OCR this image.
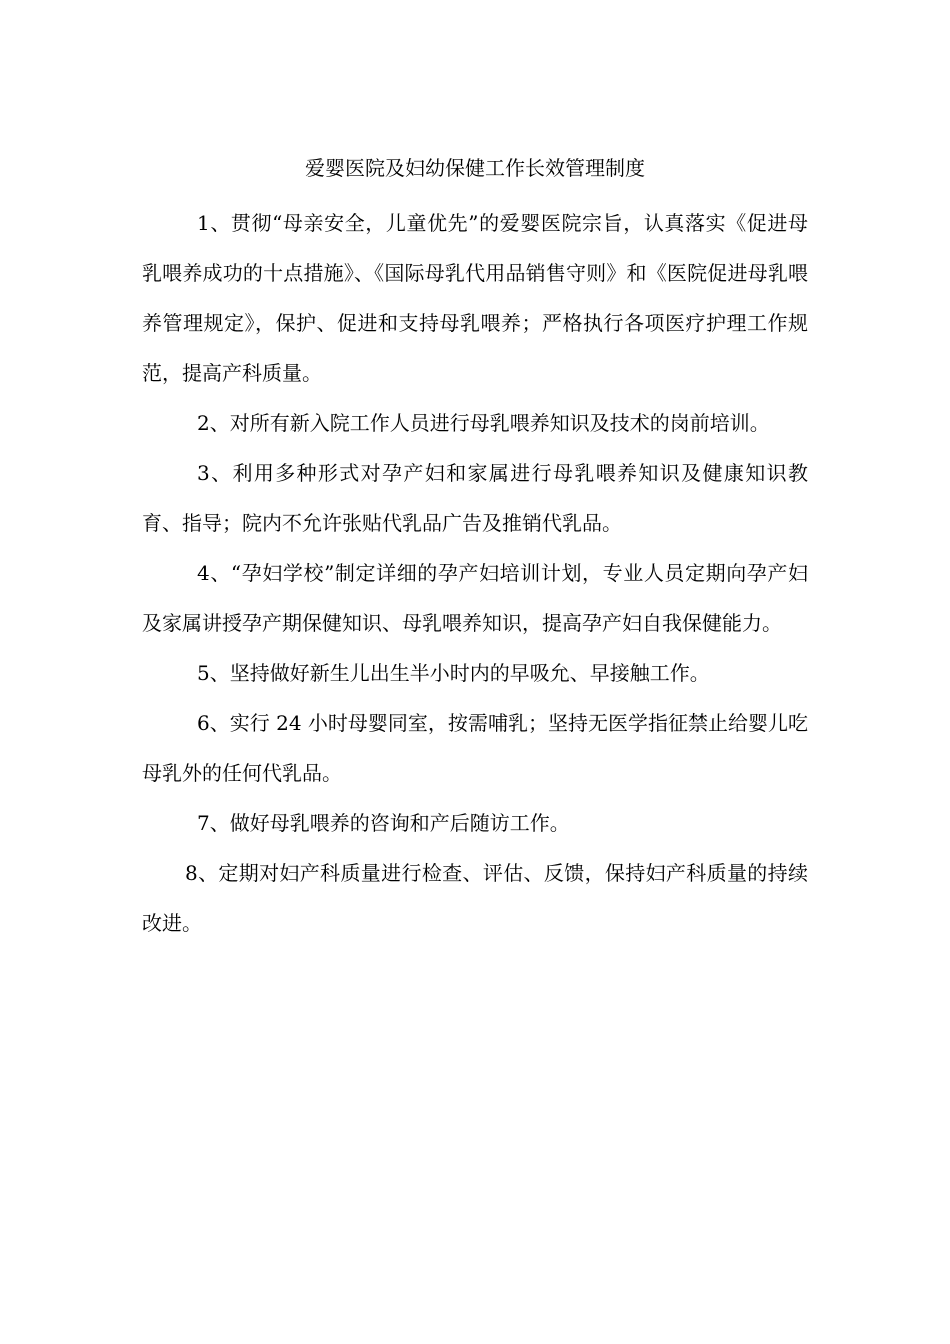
爱婴医院及妇幼保健工作长效管理制度

1、贯彻“母亲安全，儿童优先”的爱婴医院宗旨，认真落实《促进母乳喂养成功的十点措施》、《国际母乳代用品销售守则》和《医院促进母乳喂养管理规定》，保护、促进和支持母乳喂养；严格执行各项医疗护理工作规范，提高产科质量。

2、对所有新入院工作人员进行母乳喂养知识及技术的岗前培训。

3、利用多种形式对孕产妇和家属进行母乳喂养知识及健康知识教育、指导；院内不允许张贴代乳品广告及推销代乳品。

4、“孕妇学校”制定详细的孕产妇培训计划，专业人员定期向孕产妇及家属讲授孕产期保健知识、母乳喂养知识，提高孕产妇自我保健能力。

5、坚持做好新生儿出生半小时内的早吸允、早接触工作。

6、实行 24 小时母婴同室，按需哺乳；坚持无医学指征禁止给婴儿吃母乳外的任何代乳品。

7、做好母乳喂养的咨询和产后随访工作。

8、定期对妇产科质量进行检查、评估、反馈，保持妇产科质量的持续改进。
